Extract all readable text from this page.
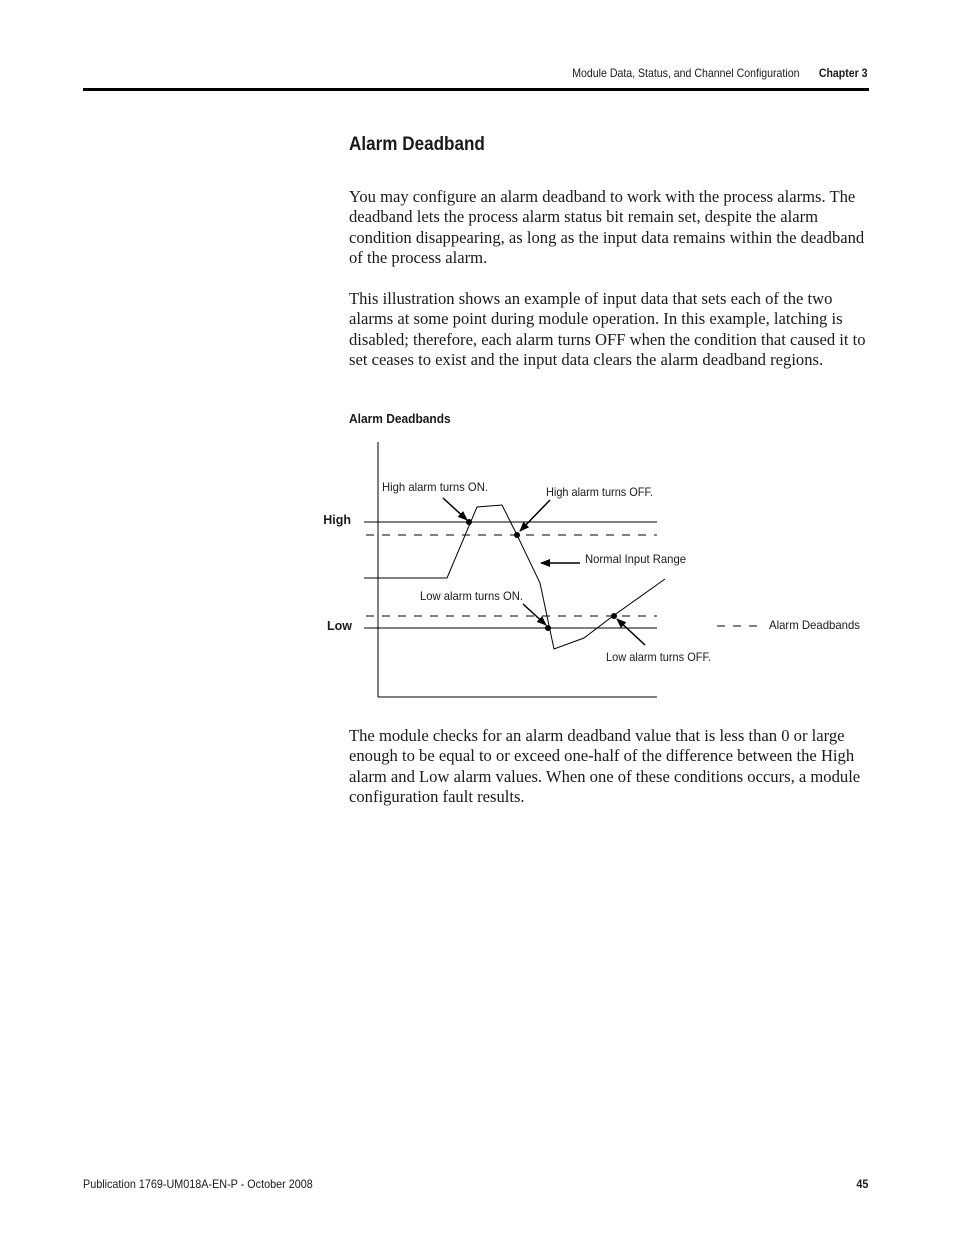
Module Data, Status, and Channel Configuration Chapter 3
Alarm Deadband

You may configure an alarm deadband to work with the process alarms. The deadband lets the process alarm status bit remain set, despite the alarm condition disappearing, as long as the input data remains within the deadband of the process alarm.

This illustration shows an example of input data that sets each of the two alarms at some point during module operation. In this example, latching is disabled; therefore, each alarm turns OFF when the condition that caused it to set ceases to exist and the input data clears the alarm deadband regions.

Alarm Deadbands
High
Low
High alarm turns ON.	High alarm turns OFF.
Normal Input Range
Low alarm turns ON.
Low alarm turns OFF.
Alarm Deadbands

The module checks for an alarm deadband value that is less than 0 or large enough to be equal to or exceed one-half of the difference between the High alarm and Low alarm values. When one of these conditions occurs, a module configuration fault results.

Publication 1769-UM018A-EN-P - October 2008	45
